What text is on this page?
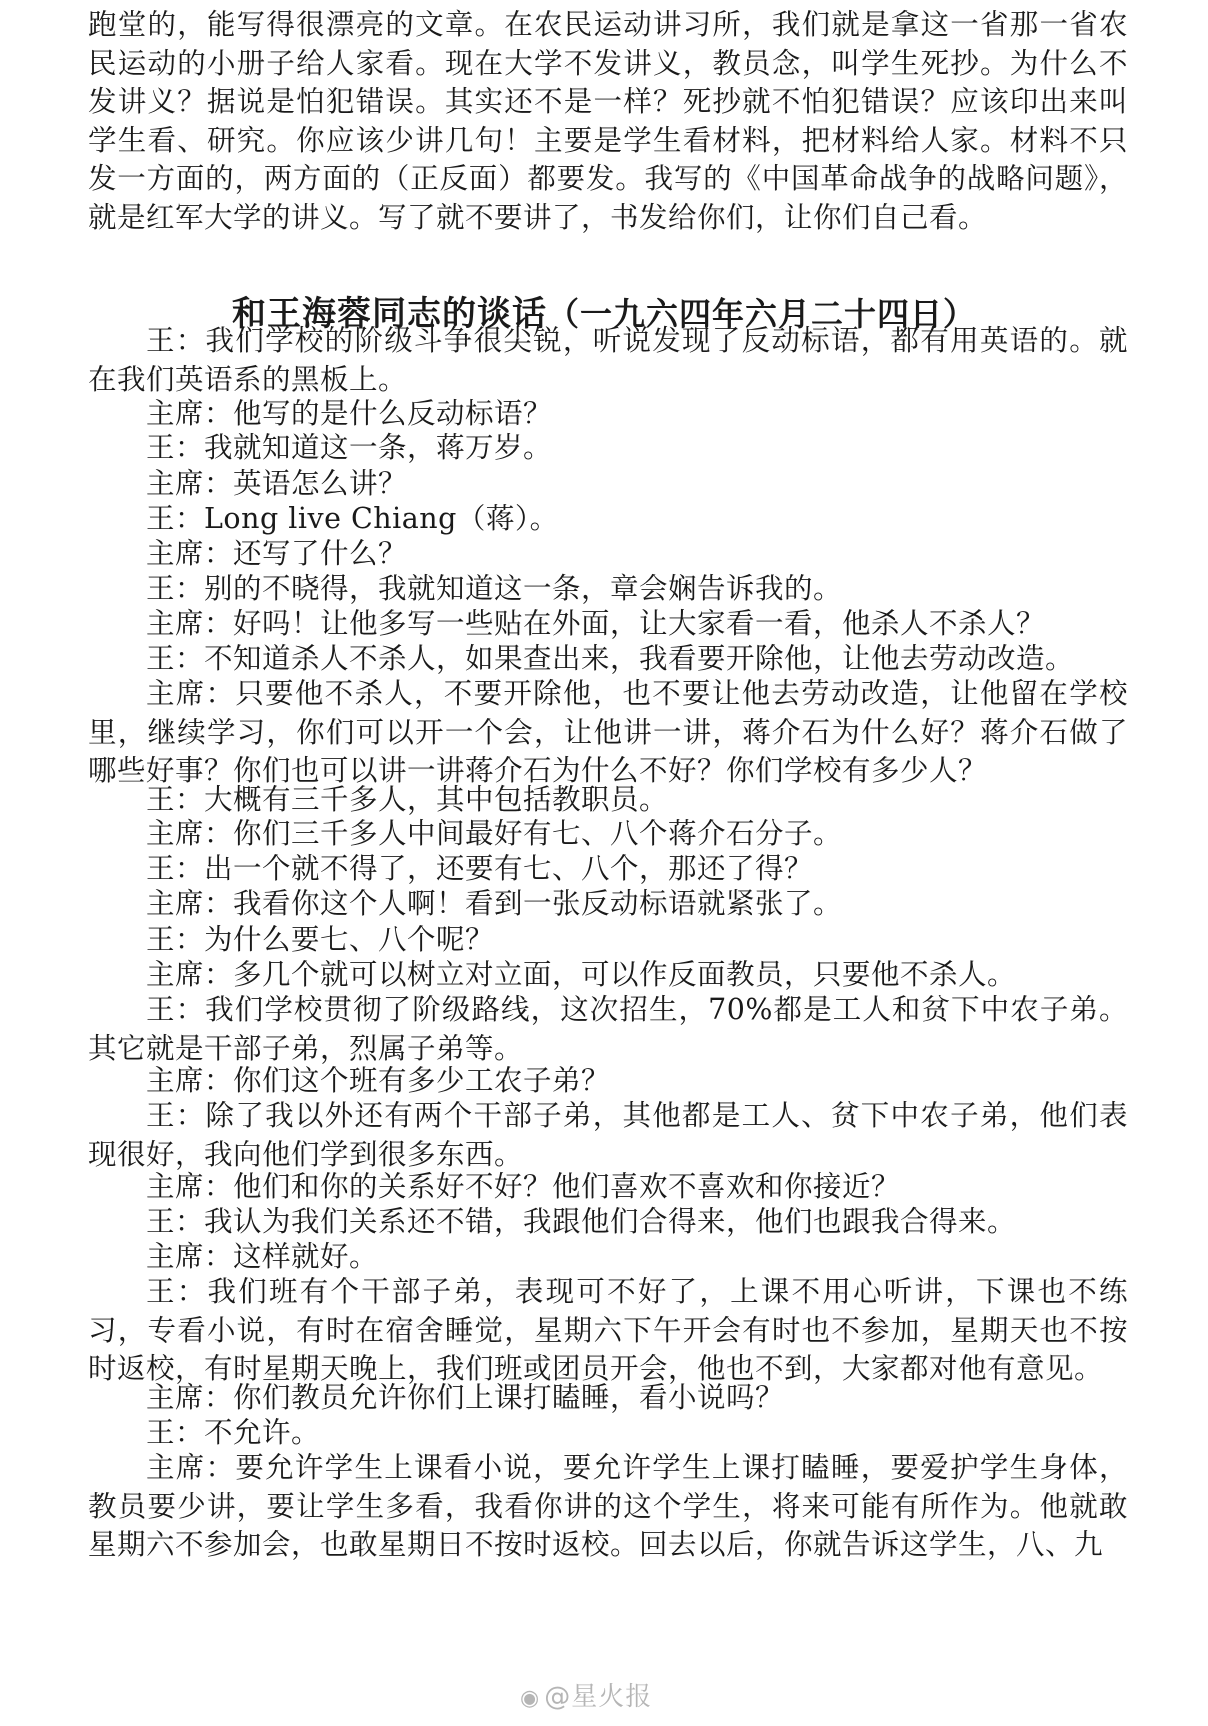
跑堂的，能写得很漂亮的文章。在农民运动讲习所，我们就是拿这一省那一省农民运动的小册子给人家看。现在大学不发讲义，教员念，叫学生死抄。为什么不发讲义？据说是怕犯错误。其实还不是一样？死抄就不怕犯错误？应该印出来叫学生看、研究。你应该少讲几句！主要是学生看材料，把材料给人家。材料不只发一方面的，两方面的（正反面）都要发。我写的《中国革命战争的战略问题》，就是红军大学的讲义。写了就不要讲了，书发给你们，让你们自己看。

和王海蓉同志的谈话（一九六四年六月二十四日）

王：我们学校的阶级斗争很尖锐，听说发现了反动标语，都有用英语的。就在我们英语系的黑板上。

主席：他写的是什么反动标语？

王：我就知道这一条，蒋万岁。

主席：英语怎么讲？

王：Long live Chiang（蒋）。

主席：还写了什么？

王：别的不晓得，我就知道这一条，章会娴告诉我的。

主席：好吗！让他多写一些贴在外面，让大家看一看，他杀人不杀人？

王：不知道杀人不杀人，如果查出来，我看要开除他，让他去劳动改造。

主席：只要他不杀人，不要开除他，也不要让他去劳动改造，让他留在学校里，继续学习，你们可以开一个会，让他讲一讲，蒋介石为什么好？蒋介石做了哪些好事？你们也可以讲一讲蒋介石为什么不好？你们学校有多少人？

王：大概有三千多人，其中包括教职员。

主席：你们三千多人中间最好有七、八个蒋介石分子。

王：出一个就不得了，还要有七、八个，那还了得？

主席：我看你这个人啊！看到一张反动标语就紧张了。

王：为什么要七、八个呢？

主席：多几个就可以树立对立面，可以作反面教员，只要他不杀人。

王：我们学校贯彻了阶级路线，这次招生，70%都是工人和贫下中农子弟。其它就是干部子弟，烈属子弟等。

主席：你们这个班有多少工农子弟？

王：除了我以外还有两个干部子弟，其他都是工人、贫下中农子弟，他们表现很好，我向他们学到很多东西。

主席：他们和你的关系好不好？他们喜欢不喜欢和你接近？

王：我认为我们关系还不错，我跟他们合得来，他们也跟我合得来。

主席：这样就好。

王：我们班有个干部子弟，表现可不好了，上课不用心听讲，下课也不练习，专看小说，有时在宿舍睡觉，星期六下午开会有时也不参加，星期天也不按时返校，有时星期天晚上，我们班或团员开会，他也不到，大家都对他有意见。

主席：你们教员允许你们上课打瞌睡，看小说吗？

王：不允许。

主席：要允许学生上课看小说，要允许学生上课打瞌睡，要爱护学生身体，教员要少讲，要让学生多看，我看你讲的这个学生，将来可能有所作为。他就敢星期六不参加会，也敢星期日不按时返校。回去以后，你就告诉这学生，八、九

◉ @星火报
